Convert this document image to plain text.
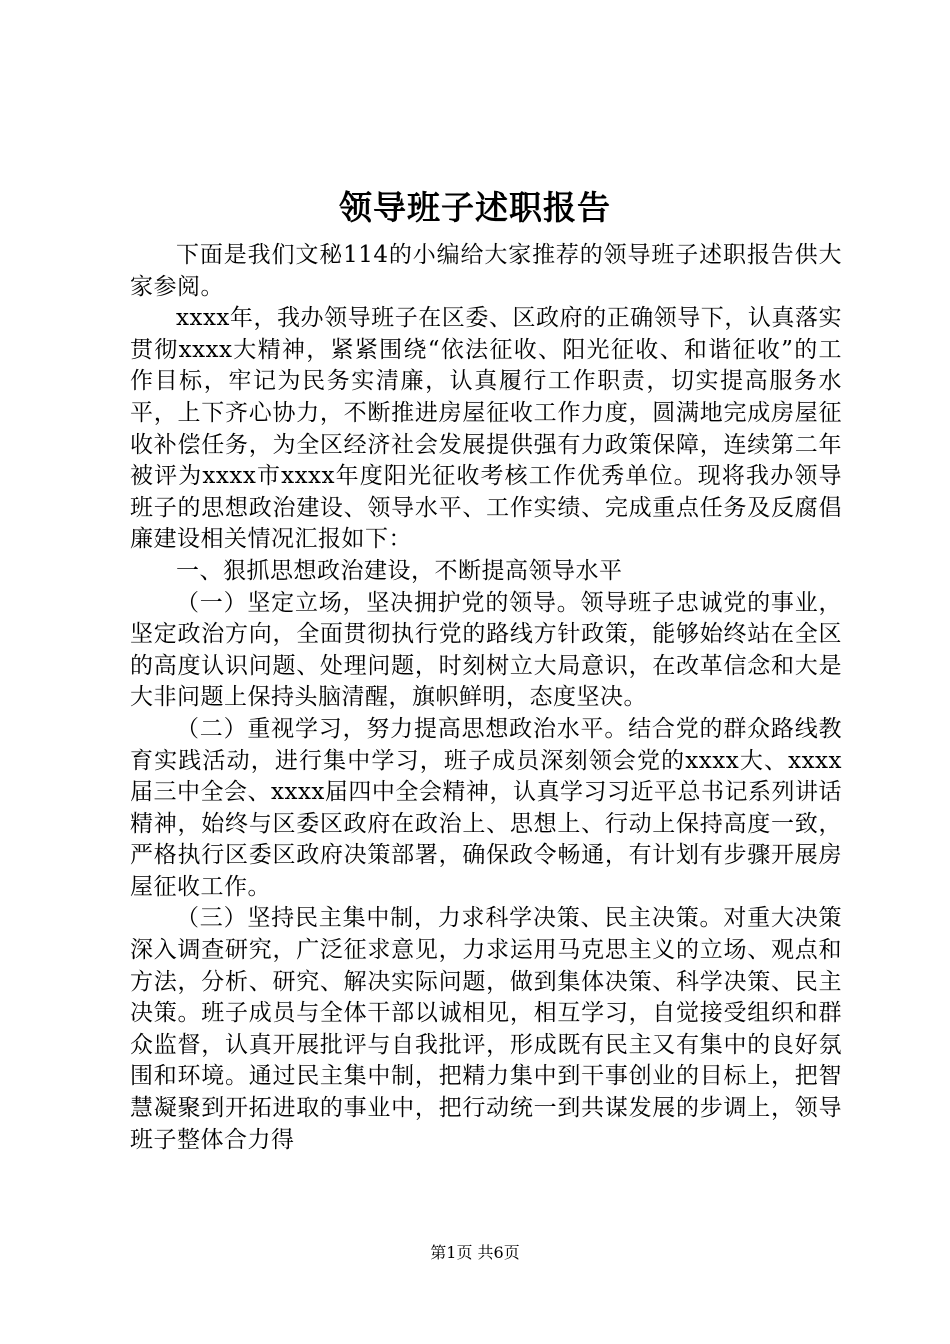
领导班子述职报告

下面是我们文秘114的小编给大家推荐的领导班子述职报告供大家参阅。

xxxx年，我办领导班子在区委、区政府的正确领导下，认真落实贯彻xxxx大精神，紧紧围绕“依法征收、阳光征收、和谐征收”的工作目标，牢记为民务实清廉，认真履行工作职责，切实提高服务水平，上下齐心协力，不断推进房屋征收工作力度，圆满地完成房屋征收补偿任务，为全区经济社会发展提供强有力政策保障，连续第二年被评为xxxx市xxxx年度阳光征收考核工作优秀单位。现将我办领导班子的思想政治建设、领导水平、工作实绩、完成重点任务及反腐倡廉建设相关情况汇报如下：

一、狠抓思想政治建设，不断提高领导水平

（一）坚定立场，坚决拥护党的领导。领导班子忠诚党的事业，坚定政治方向，全面贯彻执行党的路线方针政策，能够始终站在全区的高度认识问题、处理问题，时刻树立大局意识，在改革信念和大是大非问题上保持头脑清醒，旗帜鲜明，态度坚决。

（二）重视学习，努力提高思想政治水平。结合党的群众路线教育实践活动，进行集中学习，班子成员深刻领会党的xxxx大、xxxx届三中全会、xxxx届四中全会精神，认真学习习近平总书记系列讲话精神，始终与区委区政府在政治上、思想上、行动上保持高度一致，严格执行区委区政府决策部署，确保政令畅通，有计划有步骤开展房屋征收工作。

（三）坚持民主集中制，力求科学决策、民主决策。对重大决策深入调查研究，广泛征求意见，力求运用马克思主义的立场、观点和方法，分析、研究、解决实际问题，做到集体决策、科学决策、民主决策。班子成员与全体干部以诚相见，相互学习，自觉接受组织和群众监督，认真开展批评与自我批评，形成既有民主又有集中的良好氛围和环境。通过民主集中制，把精力集中到干事创业的目标上，把智慧凝聚到开拓进取的事业中，把行动统一到共谋发展的步调上，领导班子整体合力得

第1页 共6页
